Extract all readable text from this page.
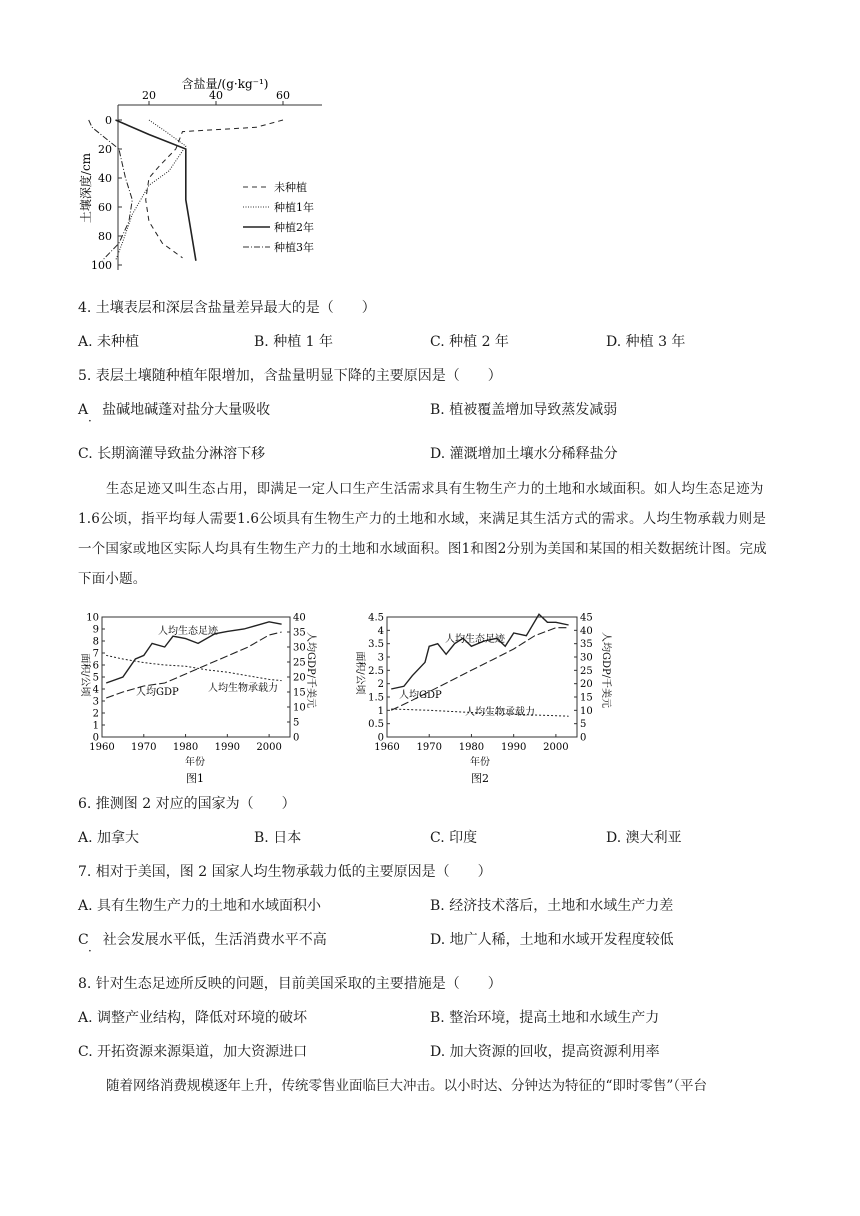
含盐量/(g·kg⁻¹)
20	40	60
0
20
40
60
80
100
土壤深度/cm	未种植
种植1年
种植2年
种植3年
4. 土壤表层和深层含盐量差异最大的是（　　）
A. 未种植	B. 种植 1 年	C. 种植 2 年	D. 种植 3 年
5. 表层土壤随种植年限增加，含盐量明显下降的主要原因是（　　）
A　盐碱地碱蓬对盐分大量吸收
·
B. 植被覆盖增加导致蒸发减弱
C. 长期滴灌导致盐分淋溶下移	D. 灌溉增加土壤水分稀释盐分
生态足迹又叫生态占用，即满足一定人口生产生活需求具有生物生产力的土地和水域面积。如人均生态足迹为1.6公顷，指平均每人需要1.6公顷具有生物生产力的土地和水域，来满足其生活方式的需求。人均生物承载力则是一个国家或地区实际人均具有生物生产力的土地和水域面积。图1和图2分别为美国和某国的相关数据统计图。完成下面小题。
0
1
2
3
4
5
6
7
8
9
10
0
5
10
15
20
25
30
35
40
1960 1970 1980 1990 2000
人均生态足迹
人均GDP	人均生物承载力
面积/公顷	人均GDP/千美元
年份
图1
0
0.5
1
1.5
2
2.5
3
3.5
4
4.5
0
5
10
15
20
25
30
35
40
45
1960 1970 1980 1990 2000
人均生态足迹
人均GDP
人均生物承载力
面积/公顷	人均GDP/千美元
年份
图2
6. 推测图 2 对应的国家为（　　）
A. 加拿大	B. 日本	C. 印度	D. 澳大利亚
7. 相对于美国，图 2 国家人均生物承载力低的主要原因是（　　）
A. 具有生物生产力的土地和水域面积小	B. 经济技术落后，土地和水域生产力差
C　社会发展水平低，生活消费水平不高
·
D. 地广人稀，土地和水域开发程度较低
8. 针对生态足迹所反映的问题，目前美国采取的主要措施是（　　）
A. 调整产业结构，降低对环境的破坏	B. 整治环境，提高土地和水域生产力
C. 开拓资源来源渠道，加大资源进口	D. 加大资源的回收，提高资源利用率
随着网络消费规模逐年上升，传统零售业面临巨大冲击。以小时达、分钟达为特征的“即时零售”（平台
